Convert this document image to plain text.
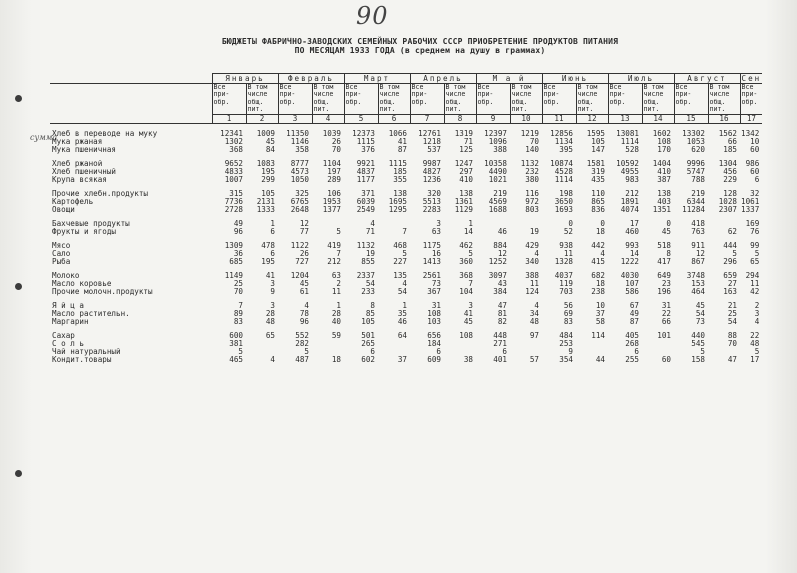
90
сумма
БЮДЖЕТЫ ФАБРИЧНО-ЗАВОДСКИХ СЕМЕЙНЫХ РАБОЧИХ СССР ПРИОБРЕТЕНИЕ ПРОДУКТОВ ПИТАНИЯ
ПО МЕСЯЦАМ 1933 ГОДА (в среднем на душу в граммах)
	Январь		Февраль		Март		Апрель		М а й		Июнь		Июль		Август		Сен
	Все при-обр.	В том числе общ. пит.	Все при-обр.	В том числе общ. пит.	Все при-обр.	В том числе общ. пит.	Все при-обр.	В том числе общ. пит.	Все при-обр.	В том числе общ. пит.	Все при-обр.	В том числе общ. пит.	Все при-обр.	В том числе общ. пит.	Все при-обр.	В том числе общ. пит.	Все при-обр.
	1	2	3	4	5	6	7	8	9	10	11	12	13	14	15	16	17

Хлеб в переводе на муку	12341	1009	11350	1039	12373	1066	12761	1319	12397	1219	12856	1595	13081	1602	13302	1562	1342
Мука ржаная	1302	45	1146	26	1115	41	1218	71	1096	70	1134	105	1114	108	1053	66	10
Мука пшеничная	368	84	358	70	376	87	537	125	388	140	395	147	528	170	620	185	60

Хлеб ржаной	9652	1083	8777	1104	9921	1115	9987	1247	10358	1132	10874	1581	10592	1404	9996	1304	986
Хлеб пшеничный	4833	195	4573	197	4837	185	4827	297	4490	232	4528	319	4955	410	5747	456	60
Крупа всякая	1007	299	1050	289	1177	355	1236	410	1021	380	1114	435	983	387	788	229	6

Прочие хлебн.продукты	315	105	325	106	371	138	320	138	219	116	198	110	212	138	219	128	32
Картофель	7736	2131	6765	1953	6039	1695	5513	1361	4569	972	3650	865	1891	403	6344	1028	1061
Овощи	2728	1333	2648	1377	2549	1295	2283	1129	1688	803	1693	836	4074	1351	11284	2307	1337

Бахчевые продукты	49	1	12		4		3	1			0	0	17	0	418		169
Фрукты и ягоды	96	6	77	5	71	7	63	14	46	19	52	18	460	45	763	62	76

Мясо	1309	478	1122	419	1132	468	1175	462	884	429	938	442	993	518	911	444	99
Сало	36	6	26	7	19	5	16	5	12	4	11	4	14	8	12	5	5
Рыба	685	195	727	212	855	227	1413	360	1252	340	1328	415	1222	417	867	296	65

Молоко	1149	41	1204	63	2337	135	2561	368	3097	388	4037	682	4030	649	3748	659	294
Масло коровье	25	3	45	2	54	4	73	7	43	11	119	18	107	23	153	27	11
Прочие молочн.продукты	70	9	61	11	233	54	367	104	384	124	703	238	586	196	464	163	42

Я й ц а	7	3	4	1	8	1	31	3	47	4	56	10	67	31	45	21	2
Масло растительн.	89	28	78	28	85	35	108	41	81	34	69	37	49	22	54	25	3
Маргарин	83	48	96	40	105	46	103	45	82	48	83	58	87	66	73	54	4

Сахар	600	65	552	59	501	64	656	108	448	97	484	114	405	101	440	88	22
С о л ь	381		282		265		184		271		253		268		545	70	48
Чай натуральный	5		5		6		6		6		9		6		5		5
Кондит.товары	465	4	487	18	602	37	609	38	401	57	354	44	255	60	158	47	17
